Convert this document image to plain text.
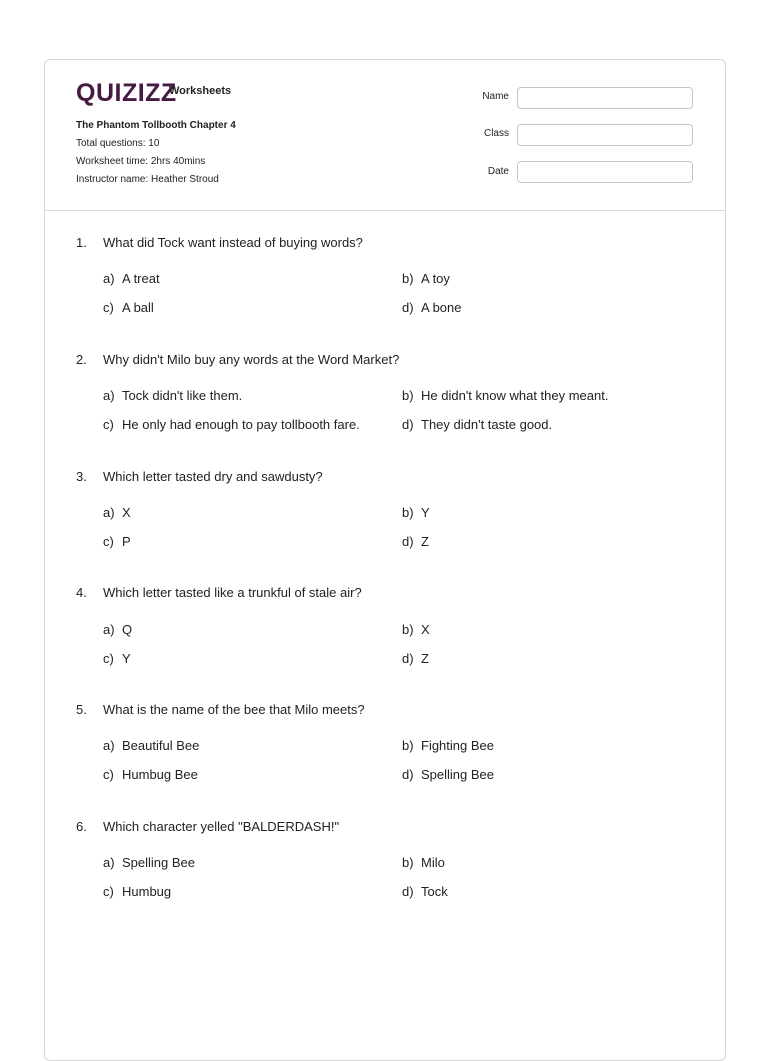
QUIZIZZ
Worksheets
The Phantom Tollbooth Chapter 4
Total questions: 10
Worksheet time: 2hrs 40mins
Instructor name: Heather Stroud
Name
Class
Date
1. What did Tock want instead of buying words?
a) A treat	b) A toy
c) A ball	d) A bone
2. Why didn't Milo buy any words at the Word Market?
a) Tock didn't like them.	b) He didn't know what they meant.
c) He only had enough to pay tollbooth fare.	d) They didn't taste good.
3. Which letter tasted dry and sawdusty?
a) X	b) Y
c) P	d) Z
4. Which letter tasted like a trunkful of stale air?
a) Q	b) X
c) Y	d) Z
5. What is the name of the bee that Milo meets?
a) Beautiful Bee	b) Fighting Bee
c) Humbug Bee	d) Spelling Bee
6. Which character yelled "BALDERDASH!"
a) Spelling Bee	b) Milo
c) Humbug	d) Tock
